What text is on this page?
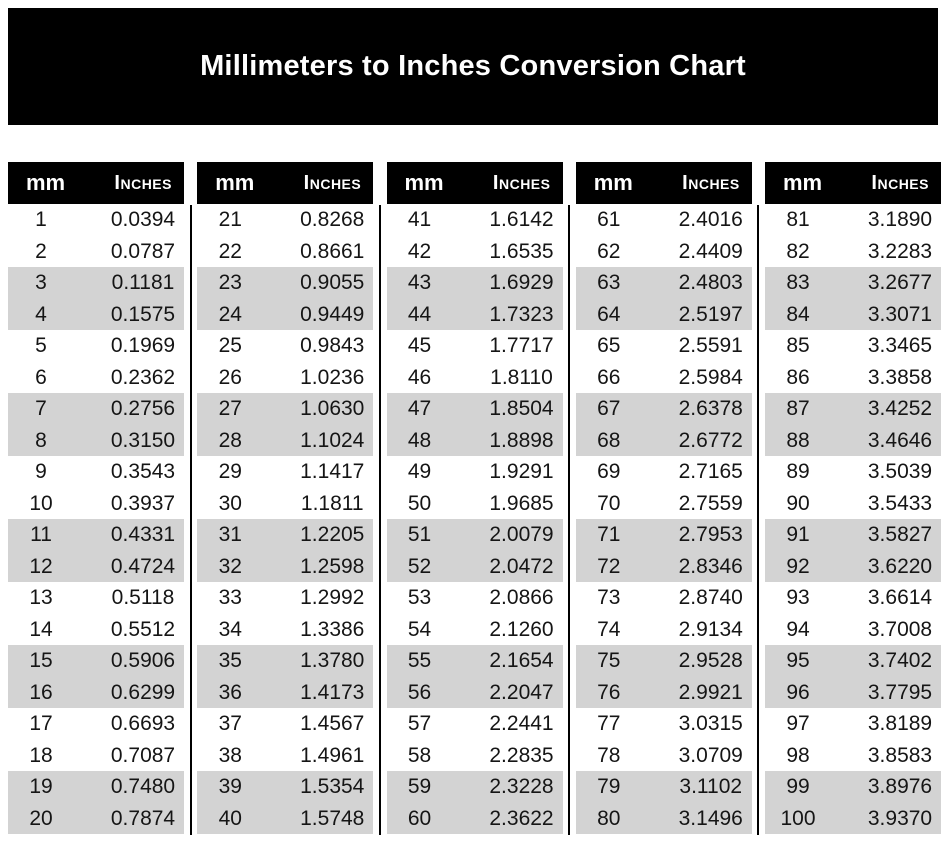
Millimeters to Inches Conversion Chart
mm Inches
1	0.0394
2	0.0787
3	0.1181
4	0.1575
5	0.1969
6	0.2362
7	0.2756
8	0.3150
9	0.3543
10	0.3937
11	0.4331
12	0.4724
13	0.5118
14	0.5512
15	0.5906
16	0.6299
17	0.6693
18	0.7087
19	0.7480
20	0.7874
mm Inches
21	0.8268
22	0.8661
23	0.9055
24	0.9449
25	0.9843
26	1.0236
27	1.0630
28	1.1024
29	1.1417
30	1.1811
31	1.2205
32	1.2598
33	1.2992
34	1.3386
35	1.3780
36	1.4173
37	1.4567
38	1.4961
39	1.5354
40	1.5748
mm Inches
41	1.6142
42	1.6535
43	1.6929
44	1.7323
45	1.7717
46	1.8110
47	1.8504
48	1.8898
49	1.9291
50	1.9685
51	2.0079
52	2.0472
53	2.0866
54	2.1260
55	2.1654
56	2.2047
57	2.2441
58	2.2835
59	2.3228
60	2.3622
mm Inches
61	2.4016
62	2.4409
63	2.4803
64	2.5197
65	2.5591
66	2.5984
67	2.6378
68	2.6772
69	2.7165
70	2.7559
71	2.7953
72	2.8346
73	2.8740
74	2.9134
75	2.9528
76	2.9921
77	3.0315
78	3.0709
79	3.1102
80	3.1496
mm Inches
81	3.1890
82	3.2283
83	3.2677
84	3.3071
85	3.3465
86	3.3858
87	3.4252
88	3.4646
89	3.5039
90	3.5433
91	3.5827
92	3.6220
93	3.6614
94	3.7008
95	3.7402
96	3.7795
97	3.8189
98	3.8583
99	3.8976
100	3.9370
